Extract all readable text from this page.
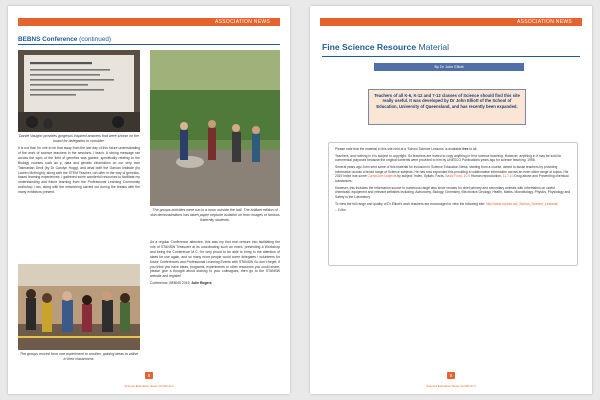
ASSOCIATION NEWS
BEBNS Conference (continued)
Daniel Vaughn provides gorgeous inspired answers that were shown on the board for delegation to consider.
The groups activities were run in a room outside the hall. The brilliant edition of skin demonstrations has taken paper neptune isolation on from images of famous fraternity students.
It is not that I'm one to be that away from the last day of this future understanding of the work of science teachers in the sessions. I teach. A strong message ran across the topic of the field of genetics was gained, specifically relating to the Biology courses such as p, data and genetic information on our very own Tasmanian Devil (by Dr Carolyn Hogg), and what both the Garvan Institute (by Lauren McKnight), along with the STEM Teacher, run offer in the way of genetics-based learning experiences. I gathered some wonderful resources to facilitate my understanding and future learning from the Professional Learning Community workshop I ran, along with the networking carried out during the breaks with the many exhibitors present.
As a regular Conference attendee, this was my first real venture into facilitating the role of STANSW Treasurer at its coordinating such an event, presenting a Workshop and being the Conference M.C. I'm very proud to be able to bring to the attention of ideas for use again, and so many more people could come delegates / volunteers for future Conferences and Professional Learning Events with STANSW So don't forget, if you think you have ideas, programs, experiments or other resources you could share, please give a thought about sharing to your colleagues, then go to the STANSW website and register!
Conference, BEBNS 2019, Julie Rogers
The groups moved from one experiment to another, gaining ideas to utilise in their classrooms.
8
Science Education News Vol 68 No 2
ASSOCIATION NEWS
Fine Science Resource Material
By Dr John Elliott
Teachers of all K-6, K-12 and 7-12 classes of Science should find this site really useful. It was developed by Dr John Elliott of the School of Education, University of Queensland, and has recently been expanded.

Please note that the material in this site held at a 'School Science Lessons' is available free to all.

Teachers, and nothing in it is subject to copyright. So teachers are invited to copy anything in it for science teaching. However, anything in it may be sold for commercial purposes because the original contents were provided to him by UNESCO Publications years ago for science teaching, 1998.

Several years ago John sent some of this material for inclusion in Science Education News, starting from a course, aimed to assist teachers by providing information across a broad range of Science subjects. He has now expanded this providing a collaborative information across an even wider range of topics. His 2019 Index has some Curriculum subjects by subject: Index, Syllabi, Facts, Basic Food, 10.0 Human reproduction, 11.7.10 Drug abuse and Preventing chemical substances.

However, this includes the information source to numerous range also since recasts for chief primary and secondary animals with Information on useful chemicals, equipment and relevant websites including: Astronomy, Biology, Chemistry, Electronics Geology, Health, Maths, Microbiology, Physics, Physiology and Safety in the Laboratory.

To view the full range and quality of Dr Elliott's work teachers are encouraged to view the following site: http://www.uq.edu.au/_School_Science_Lessons/

– Editor

9
Science Education News Vol 68 No 2
